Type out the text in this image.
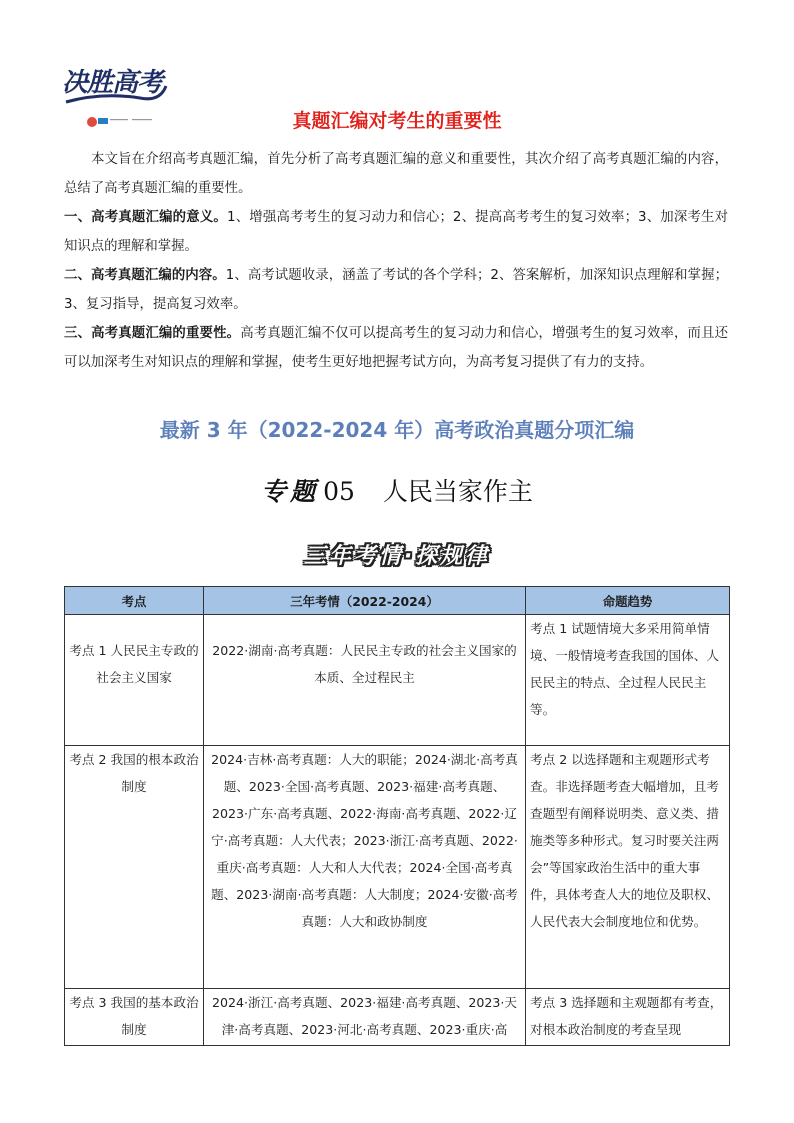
决胜高考
真题汇编对考生的重要性
本文旨在介绍高考真题汇编，首先分析了高考真题汇编的意义和重要性，其次介绍了高考真题汇编的内容，总结了高考真题汇编的重要性。
一、高考真题汇编的意义。1、增强高考考生的复习动力和信心；2、提高高考考生的复习效率；3、加深考生对知识点的理解和掌握。
二、高考真题汇编的内容。1、高考试题收录，涵盖了考试的各个学科；2、答案解析，加深知识点理解和掌握；3、复习指导，提高复习效率。
三、高考真题汇编的重要性。高考真题汇编不仅可以提高考生的复习动力和信心，增强考生的复习效率，而且还可以加深考生对知识点的理解和掌握，使考生更好地把握考试方向，为高考复习提供了有力的支持。
最新 3 年（2022-2024 年）高考政治真题分项汇编
专题 05 人民当家作主
三年考情·探规律
考点	三年考情（2022-2024）	命题趋势
考点 1 人民民主专政的社会主义国家	2022·湖南·高考真题：人民民主专政的社会主义国家的本质、全过程民主	考点 1 试题情境大多采用简单情境、一般情境考查我国的国体、人民民主的特点、全过程人民民主等。
考点 2 我国的根本政治制度	2024·吉林·高考真题：人大的职能；2024·湖北·高考真题、2023·全国·高考真题、2023·福建·高考真题、2023·广东·高考真题、2022·海南·高考真题、2022·辽宁·高考真题：人大代表；2023·浙江·高考真题、2022·重庆·高考真题：人大和人大代表；2024·全国·高考真题、2023·湖南·高考真题：人大制度；2024·安徽·高考真题：人大和政协制度	考点 2 以选择题和主观题形式考查。非选择题考查大幅增加，且考查题型有阐释说明类、意义类、措施类等多种形式。复习时要关注两会”等国家政治生活中的重大事件，具体考查人大的地位及职权、人民代表大会制度地位和优势。
考点 3 我国的基本政治制度	2024·浙江·高考真题、2023·福建·高考真题、2023·天津·高考真题、2023·河北·高考真题、2023·重庆·高	考点 3 选择题和主观题都有考查，对根本政治制度的考查呈现
